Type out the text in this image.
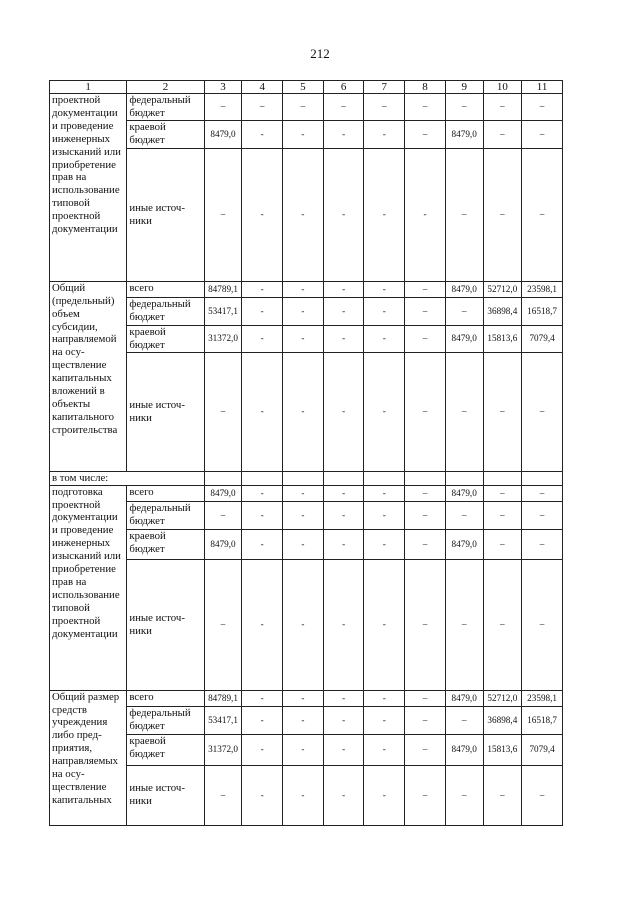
212
1	2	3	4	5	6	7	8	9	10	11
проектной документации и проведение инженерных изысканий или приобретение прав на использование типовой проектной документации	федеральный бюджет	–	–	–	–	–	–	–	–	–
	краевой бюджет	8479,0	-	-	-	-	–	8479,0	–	–
	иные источники	–	-	-	-	-	-	–	–	–
Общий (предельный) объем субсидии, направляемой на осуществление капитальных вложений в объекты капитального строительства	всего	84789,1	-	-	-	-	–	8479,0	52712,0	23598,1
	федеральный бюджет	53417,1	-	-	-	-	–	–	36898,4	16518,7
	краевой бюджет	31372,0	-	-	-	-	–	8479,0	15813,6	7079,4
	иные источники	–	-	-	-	-	–	–	–	–
в том числе:										
подготовка проектной документации и проведение инженерных изысканий или приобретение прав на использование типовой проектной документации	всего	8479,0	-	-	-	-	–	8479,0	–	–
	федеральный бюджет	–	-	-	-	-	–	–	–	–
	краевой бюджет	8479,0	-	-	-	-	–	8479,0	–	–
	иные источники	–	-	-	-	-	–	–	–	–
Общий размер средств учреждения либо предприятия, направляемых на осуществление капитальных	всего	84789,1	-	-	-	-	–	8479,0	52712,0	23598,1
	федеральный бюджет	53417,1	-	-	-	-	–	–	36898,4	16518,7
	краевой бюджет	31372,0	-	-	-	-	–	8479,0	15813,6	7079,4
	иные источники	–	-	-	-	-	–	–	–	–
